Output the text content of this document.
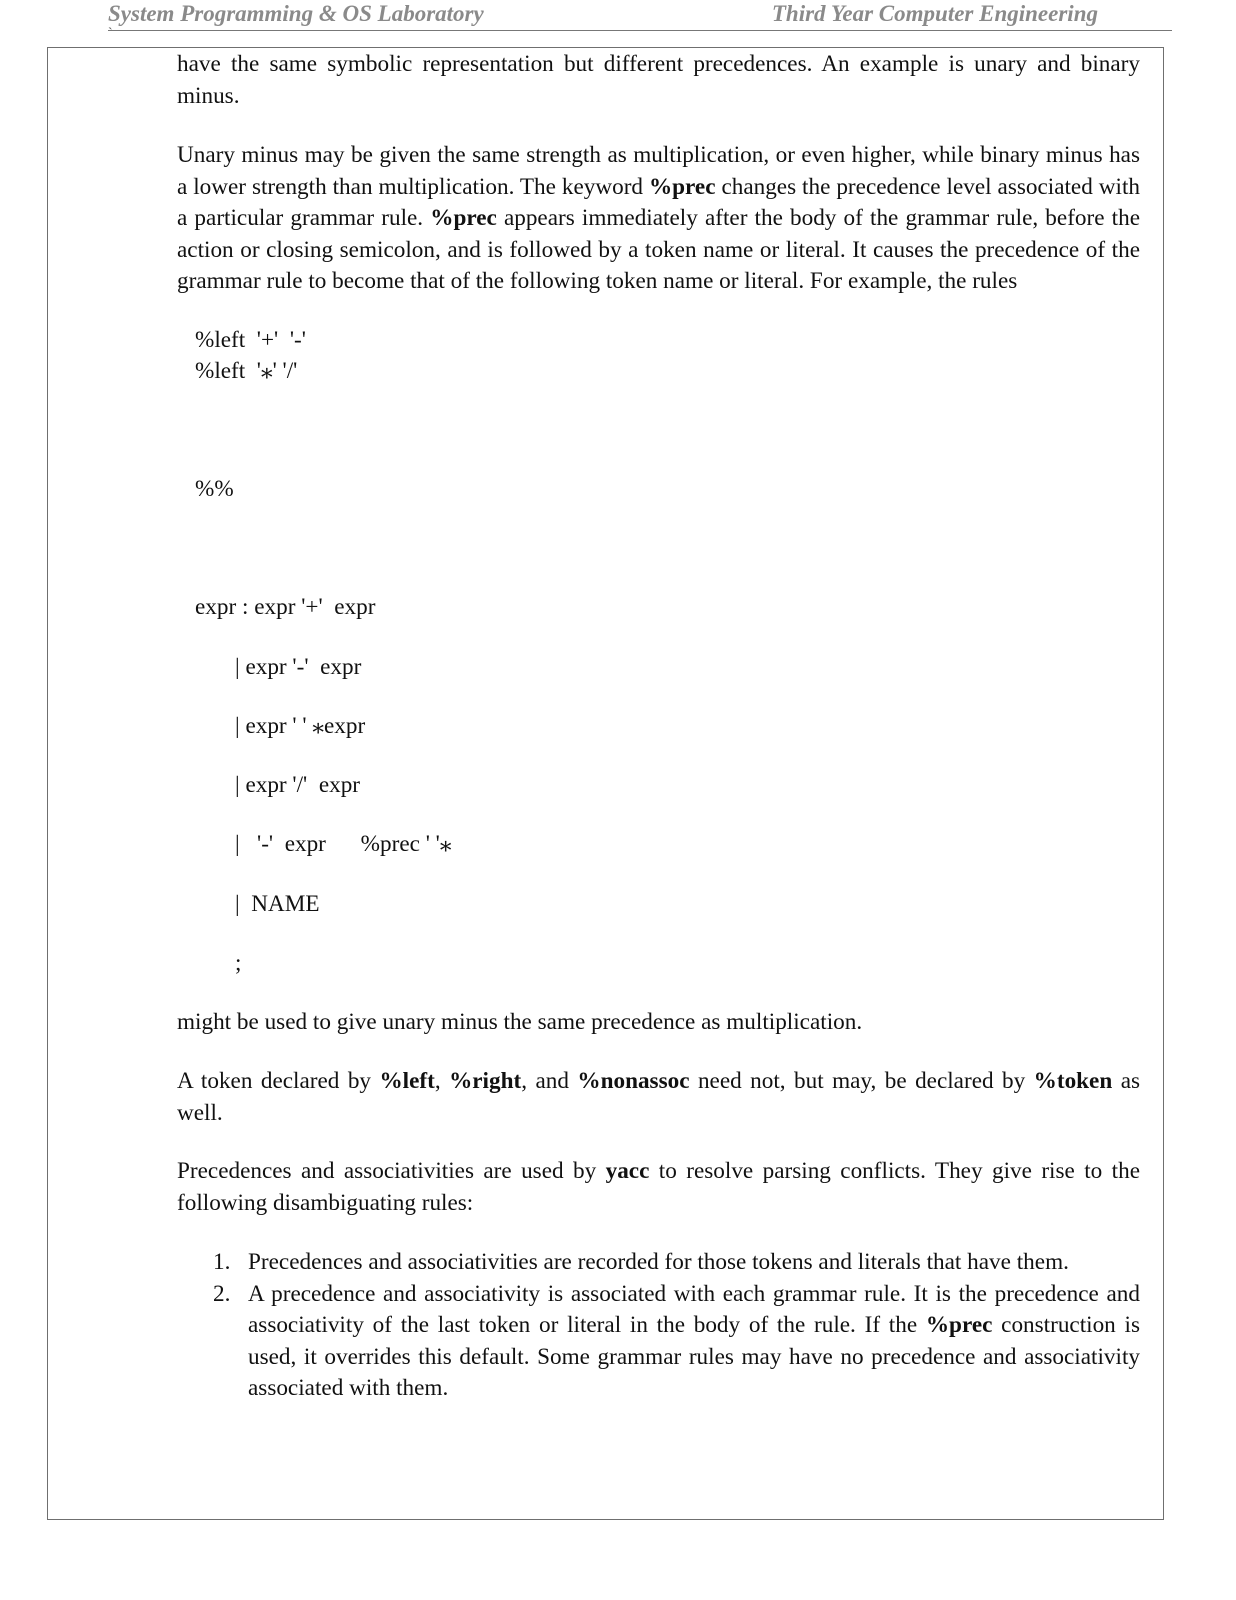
System Programming & OS Laboratory	Third Year Computer Engineering
`

have the same symbolic representation but different precedences. An example is unary and binary minus.

Unary minus may be given the same strength as multiplication, or even higher, while binary minus has a lower strength than multiplication. The keyword %prec changes the precedence level associated with a particular grammar rule. %prec appears immediately after the body of the grammar rule, before the action or closing semicolon, and is followed by a token name or literal. It causes the precedence of the grammar rule to become that of the following token name or literal. For example, the rules

%left  '+'  '-'
%left  '⁎' '/'
%%
expr : expr '+'  expr
| expr '-'  expr
| expr ' ' ⁎expr
| expr '/'  expr
|   '-'  expr      %prec ' '⁎
|  NAME
;

might be used to give unary minus the same precedence as multiplication.

A token declared by %left, %right, and %nonassoc need not, but may, be declared by %token as well.

Precedences and associativities are used by yacc to resolve parsing conflicts. They give rise to the following disambiguating rules:

1. Precedences and associativities are recorded for those tokens and literals that have them.
2. A precedence and associativity is associated with each grammar rule. It is the precedence and associativity of the last token or literal in the body of the rule. If the %prec construction is used, it overrides this default. Some grammar rules may have no precedence and associativity associated with them.
